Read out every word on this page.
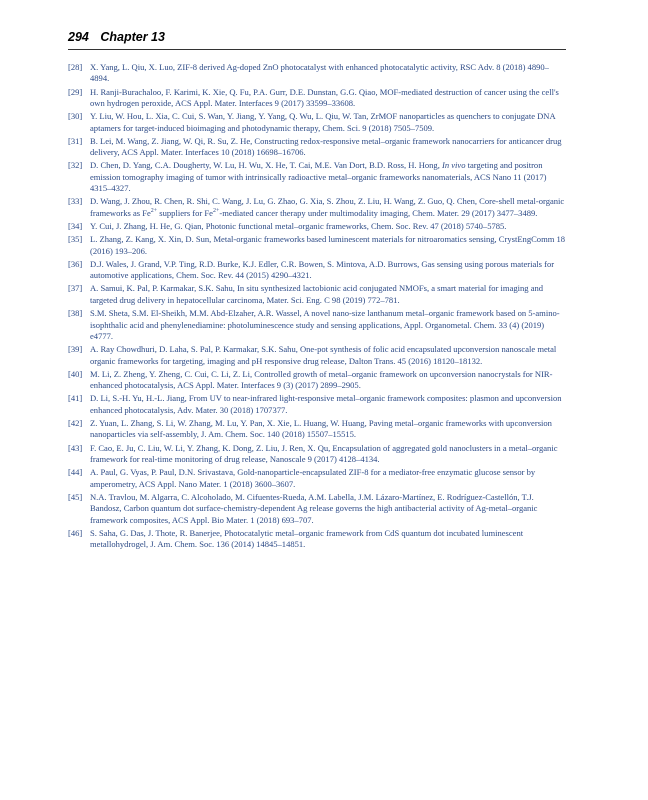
294 Chapter 13
[28] X. Yang, L. Qiu, X. Luo, ZIF-8 derived Ag-doped ZnO photocatalyst with enhanced photocatalytic activity, RSC Adv. 8 (2018) 4890–4894.
[29] H. Ranji-Burachaloo, F. Karimi, K. Xie, Q. Fu, P.A. Gurr, D.E. Dunstan, G.G. Qiao, MOF-mediated destruction of cancer using the cell's own hydrogen peroxide, ACS Appl. Mater. Interfaces 9 (2017) 33599–33608.
[30] Y. Liu, W. Hou, L. Xia, C. Cui, S. Wan, Y. Jiang, Y. Yang, Q. Wu, L. Qiu, W. Tan, ZrMOF nanoparticles as quenchers to conjugate DNA aptamers for target-induced bioimaging and photodynamic therapy, Chem. Sci. 9 (2018) 7505–7509.
[31] B. Lei, M. Wang, Z. Jiang, W. Qi, R. Su, Z. He, Constructing redox-responsive metal–organic framework nanocarriers for anticancer drug delivery, ACS Appl. Mater. Interfaces 10 (2018) 16698–16706.
[32] D. Chen, D. Yang, C.A. Dougherty, W. Lu, H. Wu, X. He, T. Cai, M.E. Van Dort, B.D. Ross, H. Hong, In vivo targeting and positron emission tomography imaging of tumor with intrinsically radioactive metal–organic frameworks nanomaterials, ACS Nano 11 (2017) 4315–4327.
[33] D. Wang, J. Zhou, R. Chen, R. Shi, C. Wang, J. Lu, G. Zhao, G. Xia, S. Zhou, Z. Liu, H. Wang, Z. Guo, Q. Chen, Core-shell metal-organic frameworks as $Fe^{2+}$ suppliers for $Fe^{2+}$-mediated cancer therapy under multimodality imaging, Chem. Mater. 29 (2017) 3477–3489.
[34] Y. Cui, J. Zhang, H. He, G. Qian, Photonic functional metal–organic frameworks, Chem. Soc. Rev. 47 (2018) 5740–5785.
[35] L. Zhang, Z. Kang, X. Xin, D. Sun, Metal-organic frameworks based luminescent materials for nitroaromatics sensing, CrystEngComm 18 (2016) 193–206.
[36] D.J. Wales, J. Grand, V.P. Ting, R.D. Burke, K.J. Edler, C.R. Bowen, S. Mintova, A.D. Burrows, Gas sensing using porous materials for automotive applications, Chem. Soc. Rev. 44 (2015) 4290–4321.
[37] A. Samui, K. Pal, P. Karmakar, S.K. Sahu, In situ synthesized lactobionic acid conjugated NMOFs, a smart material for imaging and targeted drug delivery in hepatocellular carcinoma, Mater. Sci. Eng. C 98 (2019) 772–781.
[38] S.M. Sheta, S.M. El-Sheikh, M.M. Abd-Elzaher, A.R. Wassel, A novel nano-size lanthanum metal–organic framework based on 5-amino-isophthalic acid and phenylenediamine: photoluminescence study and sensing applications, Appl. Organometal. Chem. 33 (4) (2019) e4777.
[39] A. Ray Chowdhuri, D. Laha, S. Pal, P. Karmakar, S.K. Sahu, One-pot synthesis of folic acid encapsulated upconversion nanoscale metal organic frameworks for targeting, imaging and pH responsive drug release, Dalton Trans. 45 (2016) 18120–18132.
[40] M. Li, Z. Zheng, Y. Zheng, C. Cui, C. Li, Z. Li, Controlled growth of metal–organic framework on upconversion nanocrystals for NIR-enhanced photocatalysis, ACS Appl. Mater. Interfaces 9 (3) (2017) 2899–2905.
[41] D. Li, S.-H. Yu, H.-L. Jiang, From UV to near-infrared light-responsive metal–organic framework composites: plasmon and upconversion enhanced photocatalysis, Adv. Mater. 30 (2018) 1707377.
[42] Z. Yuan, L. Zhang, S. Li, W. Zhang, M. Lu, Y. Pan, X. Xie, L. Huang, W. Huang, Paving metal–organic frameworks with upconversion nanoparticles via self-assembly, J. Am. Chem. Soc. 140 (2018) 15507–15515.
[43] F. Cao, E. Ju, C. Liu, W. Li, Y. Zhang, K. Dong, Z. Liu, J. Ren, X. Qu, Encapsulation of aggregated gold nanoclusters in a metal–organic framework for real-time monitoring of drug release, Nanoscale 9 (2017) 4128–4134.
[44] A. Paul, G. Vyas, P. Paul, D.N. Srivastava, Gold-nanoparticle-encapsulated ZIF-8 for a mediator-free enzymatic glucose sensor by amperometry, ACS Appl. Nano Mater. 1 (2018) 3600–3607.
[45] N.A. Travlou, M. Algarra, C. Alcoholado, M. Cifuentes-Rueda, A.M. Labella, J.M. Lázaro-Martínez, E. Rodríguez-Castellón, T.J. Bandosz, Carbon quantum dot surface-chemistry-dependent Ag release governs the high antibacterial activity of Ag-metal–organic framework composites, ACS Appl. Bio Mater. 1 (2018) 693–707.
[46] S. Saha, G. Das, J. Thote, R. Banerjee, Photocatalytic metal–organic framework from CdS quantum dot incubated luminescent metallohydrogel, J. Am. Chem. Soc. 136 (2014) 14845–14851.
